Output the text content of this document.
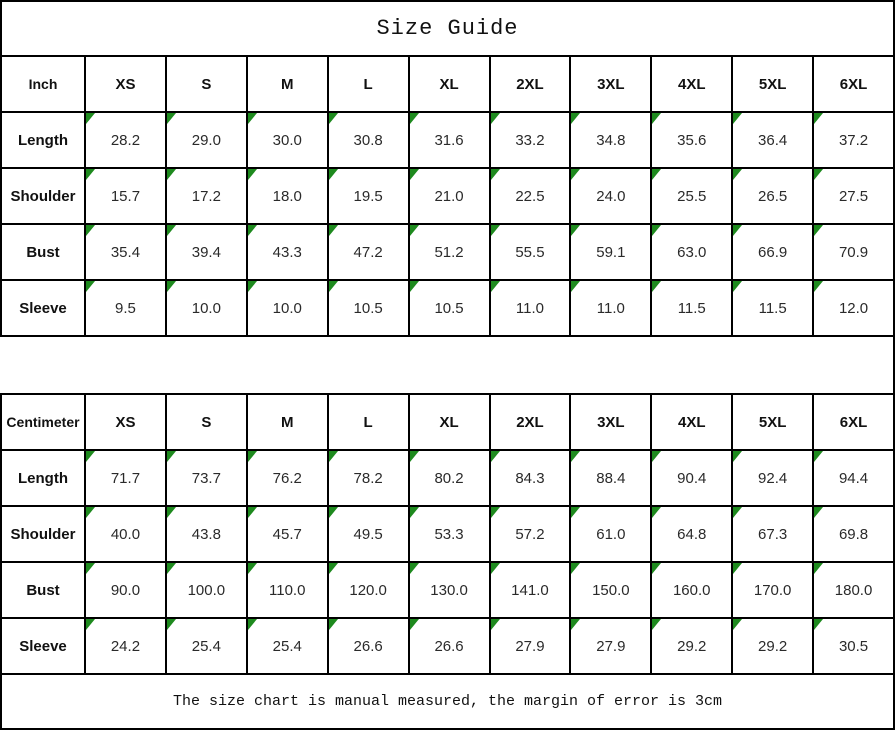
Size Guide
Inch	XS	S	M	L	XL	2XL	3XL	4XL	5XL	6XL
Length	28.2	29.0	30.0	30.8	31.6	33.2	34.8	35.6	36.4	37.2
Shoulder 15.7	17.2	18.0	19.5	21.0	22.5	24.0	25.5	26.5	27.5
Bust	35.4	39.4	43.3	47.2	51.2	55.5	59.1	63.0	66.9	70.9
Sleeve	9.5	10.0	10.0	10.5	10.5	11.0	11.0	11.5	11.5	12.0
Centimeter XS	S	M	L	XL	2XL	3XL	4XL	5XL	6XL
Length	71.7	73.7	76.2	78.2	80.2	84.3	88.4	90.4	92.4	94.4
Shoulder 40.0	43.8	45.7	49.5	53.3	57.2	61.0	64.8	67.3	69.8
Bust	90.0	100.0	110.0	120.0	130.0	141.0	150.0	160.0	170.0	180.0
Sleeve	24.2	25.4	25.4	26.6	26.6	27.9	27.9	29.2	29.2	30.5
The size chart is manual measured, the margin of error is 3cm
